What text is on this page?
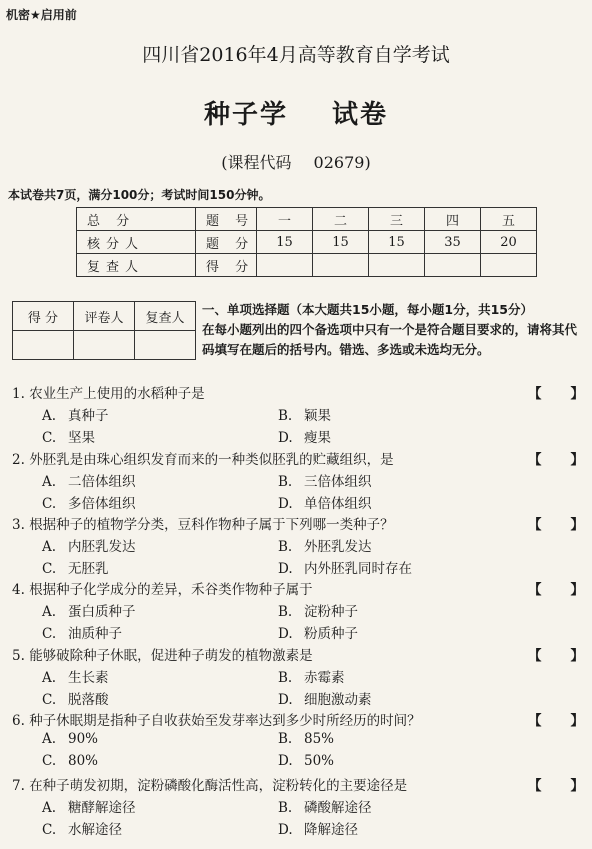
机密★启用前
四川省2016年4月高等教育自学考试
种子学 试卷
(课程代码 02679)
本试卷共7页，满分100分；考试时间150分钟。
总 分	题 号	一	二	三	四	五
核分人	题 分	15	15	15	35	20
复查人	得 分					
得 分	评卷人	复查人

一、单项选择题（本大题共15小题，每小题1分，共15分）
在每小题列出的四个备选项中只有一个是符合题目要求的，请将其代码填写在题后的括号内。错选、多选或未选均无分。
1. 农业生产上使用的水稻种子是	【 】
A. 真种子	B. 颖果
C. 坚果	D. 瘦果
2. 外胚乳是由珠心组织发育而来的一种类似胚乳的贮藏组织，是	【 】
A. 二倍体组织	B. 三倍体组织
C. 多倍体组织	D. 单倍体组织
3. 根据种子的植物学分类，豆科作物种子属于下列哪一类种子？	【 】
A. 内胚乳发达	B. 外胚乳发达
C. 无胚乳	D. 内外胚乳同时存在
4. 根据种子化学成分的差异，禾谷类作物种子属于	【 】
A. 蛋白质种子	B. 淀粉种子
C. 油质种子	D. 粉质种子
5. 能够破除种子休眠，促进种子萌发的植物激素是	【 】
A. 生长素	B. 赤霉素
C. 脱落酸	D. 细胞激动素
6. 种子休眠期是指种子自收获始至发芽率达到多少时所经历的时间？	【 】
A. 90%	B. 85%
C. 80%	D. 50%
7. 在种子萌发初期，淀粉磷酸化酶活性高，淀粉转化的主要途径是	【 】
A. 糖酵解途径	B. 磷酸解途径
C. 水解途径	D. 降解途径
